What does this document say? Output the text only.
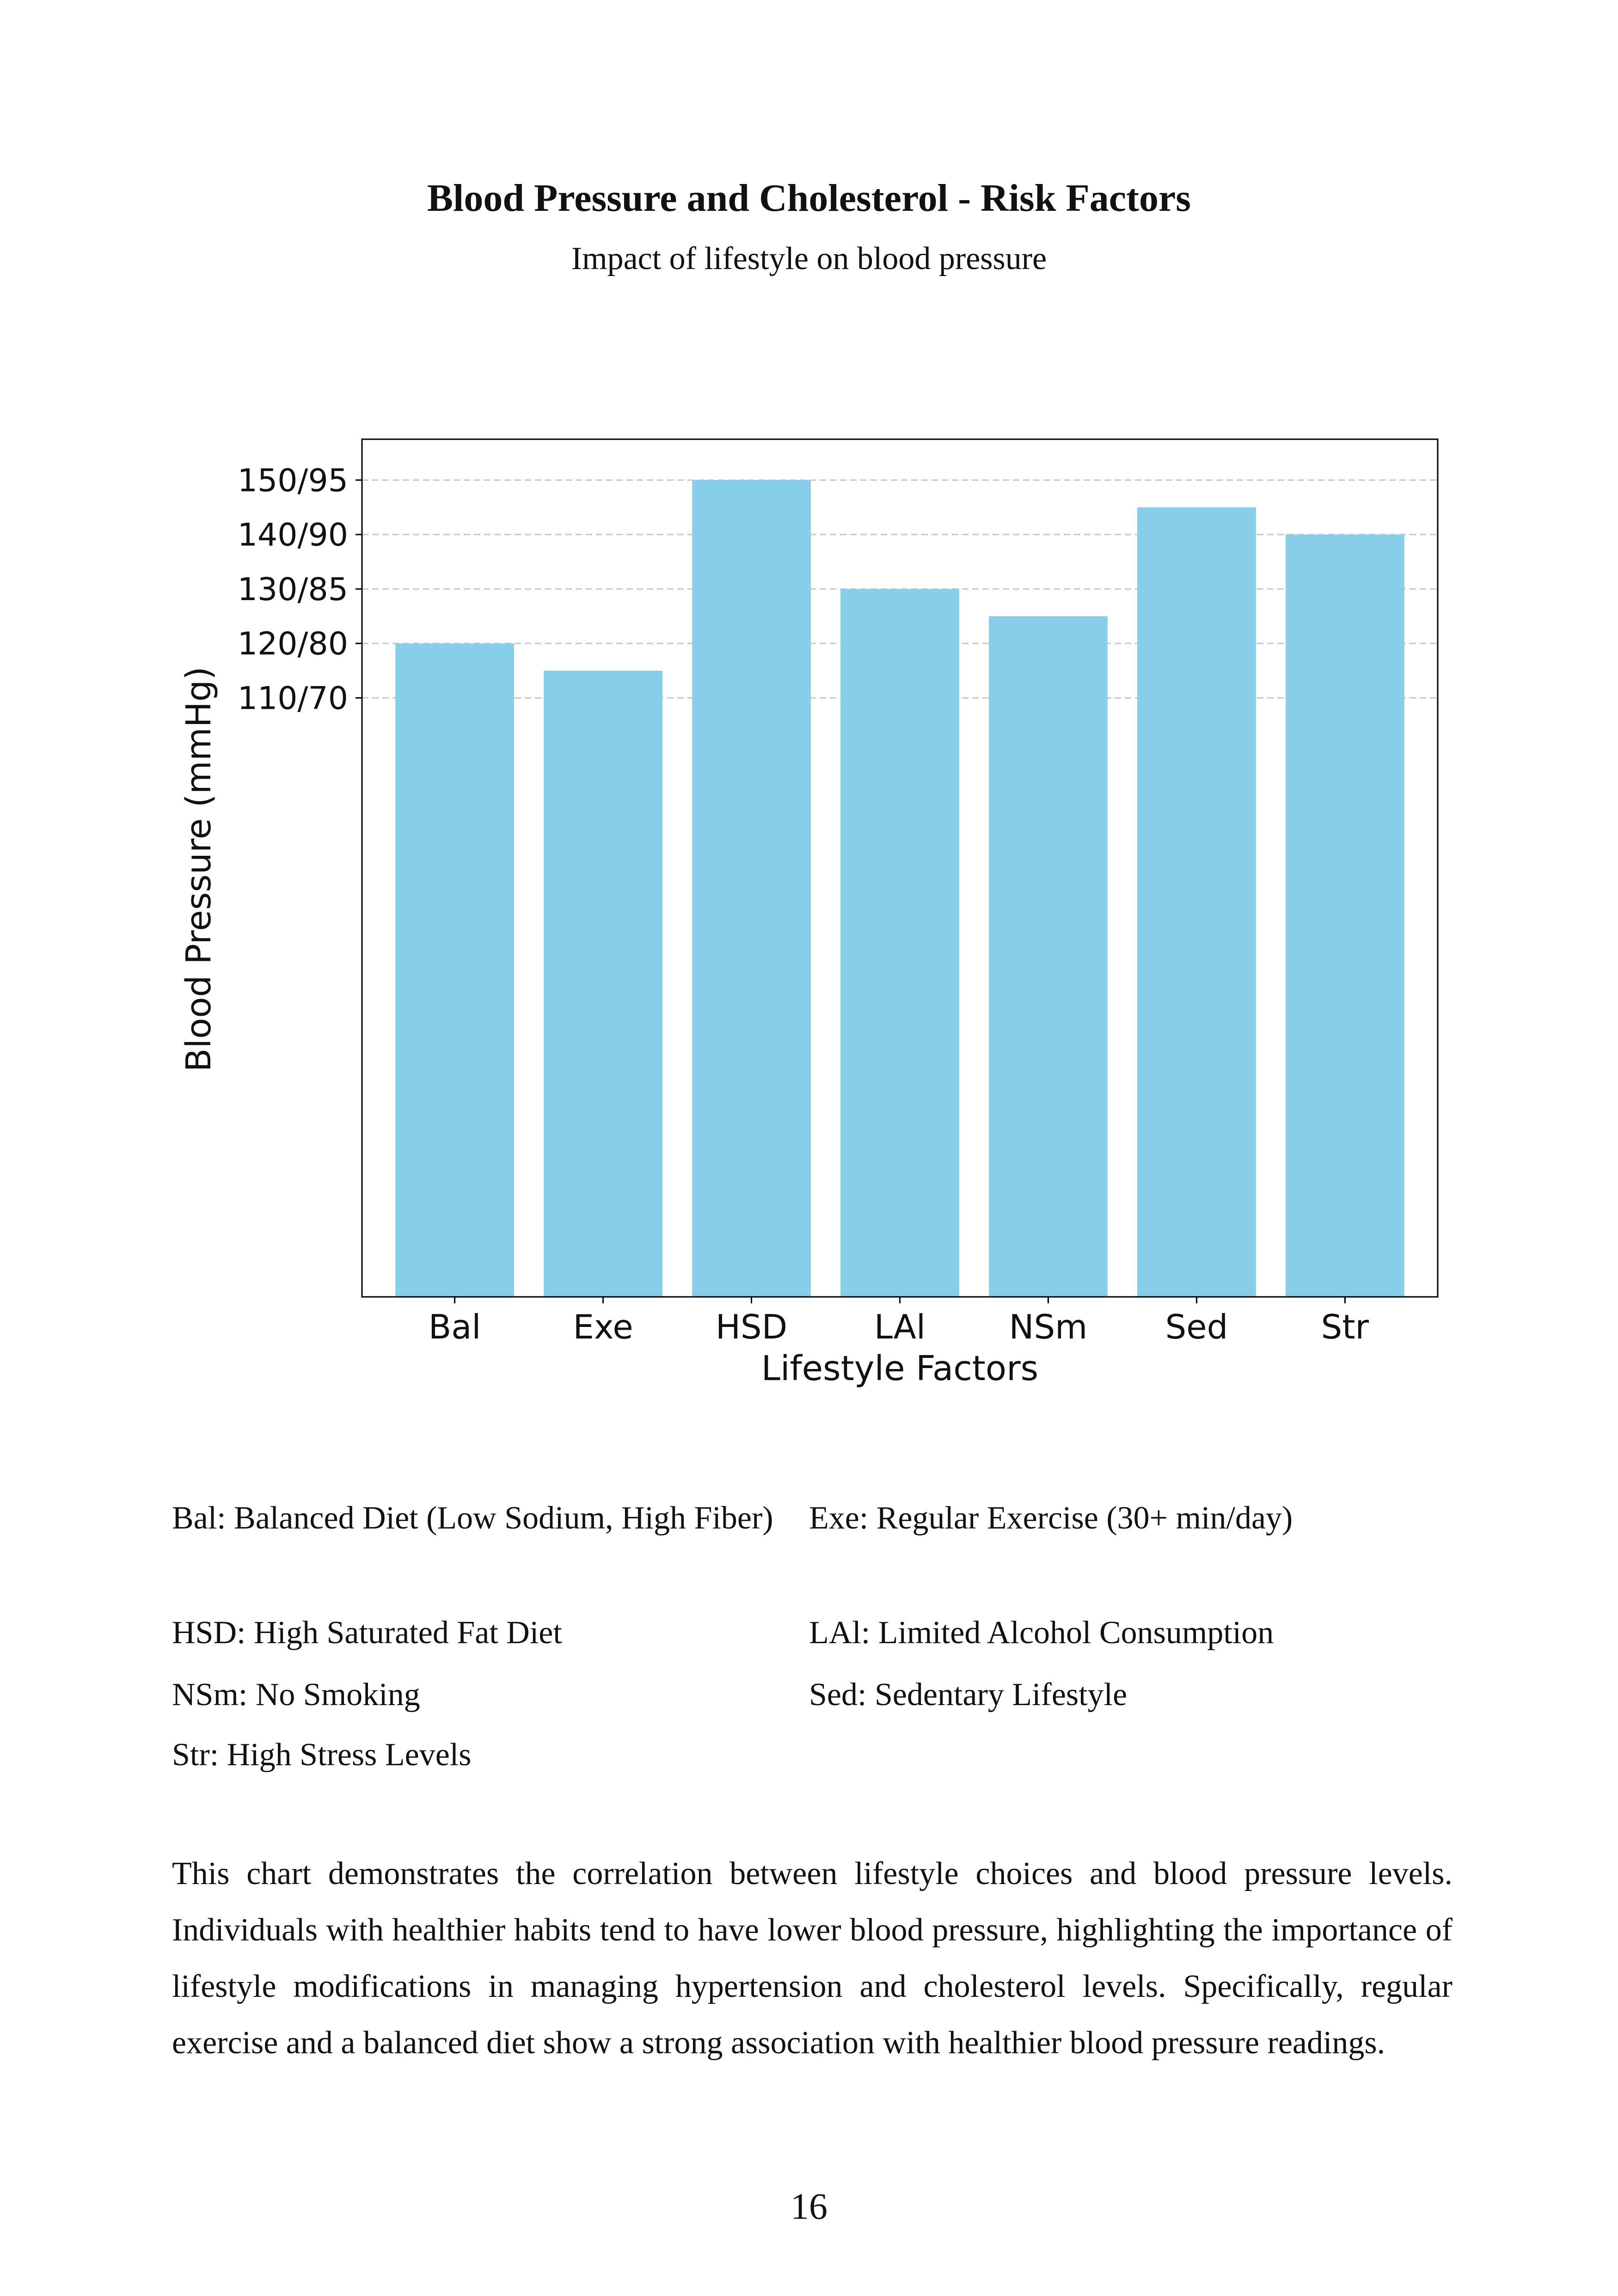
Blood Pressure and Cholesterol - Risk Factors
Impact of lifestyle on blood pressure
110/70
120/80
130/85
140/90
150/95
Bal	Exe HSD	LAl	NSm Sed	Str
Lifestyle Factors
Blood Pressure (mmHg)
Bal: Balanced Diet (Low Sodium, High Fiber) Exe: Regular Exercise (30+ min/day)
HSD: High Saturated Fat Diet	LAl: Limited Alcohol Consumption
NSm: No Smoking	Sed: Sedentary Lifestyle
Str: High Stress Levels
This chart demonstrates the correlation between lifestyle choices and blood pressure levels. Individuals with healthier habits tend to have lower blood pressure, highlighting the importance of lifestyle modifications in managing hypertension and cholesterol levels. Specifically, regular exercise and a balanced diet show a strong association with healthier blood pressure readings.
16
